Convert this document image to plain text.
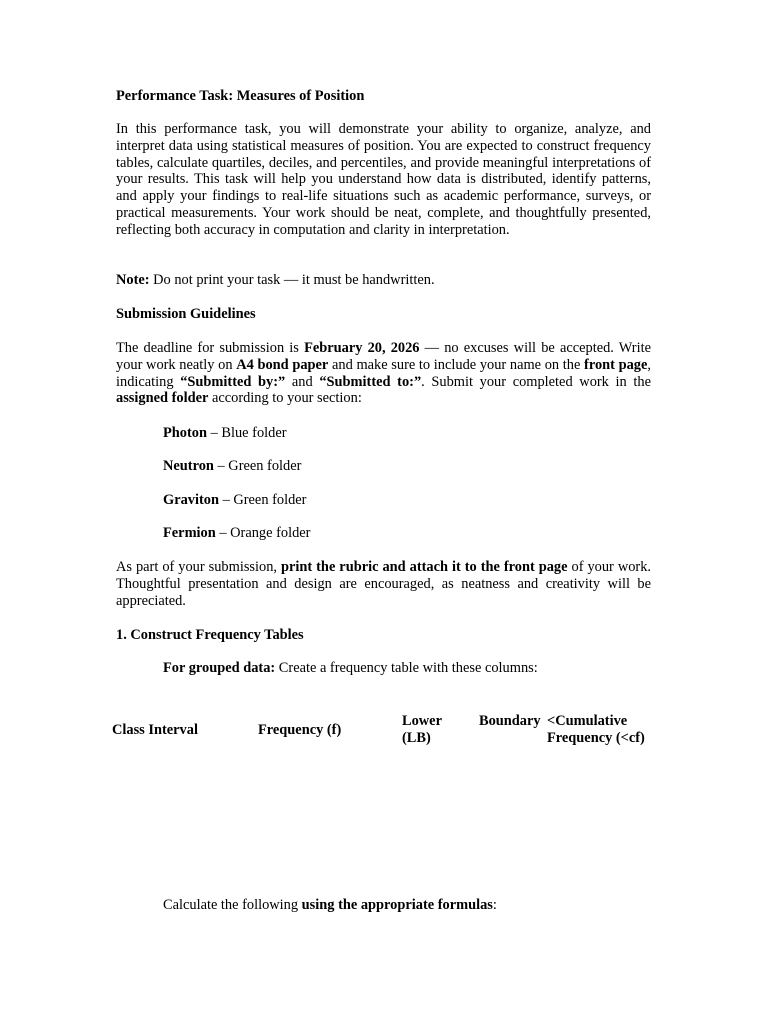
Performance Task: Measures of Position
In this performance task, you will demonstrate your ability to organize, analyze, and interpret data using statistical measures of position. You are expected to construct frequency tables, calculate quartiles, deciles, and percentiles, and provide meaningful interpretations of your results. This task will help you understand how data is distributed, identify patterns, and apply your findings to real-life situations such as academic performance, surveys, or practical measurements. Your work should be neat, complete, and thoughtfully presented, reflecting both accuracy in computation and clarity in interpretation.
Note: Do not print your task — it must be handwritten.
Submission Guidelines
The deadline for submission is February 20, 2026 — no excuses will be accepted. Write your work neatly on A4 bond paper and make sure to include your name on the front page, indicating “Submitted by:” and “Submitted to:”. Submit your completed work in the assigned folder according to your section:
Photon – Blue folder
Neutron – Green folder
Graviton – Green folder
Fermion – Orange folder
As part of your submission, print the rubric and attach it to the front page of your work. Thoughtful presentation and design are encouraged, as neatness and creativity will be appreciated.
1. Construct Frequency Tables
For grouped data: Create a frequency table with these columns:
Class Interval	Frequency (f)
Lower	Boundary

(LB)
<Cumulative
Frequency (<cf)
Calculate the following using the appropriate formulas:
